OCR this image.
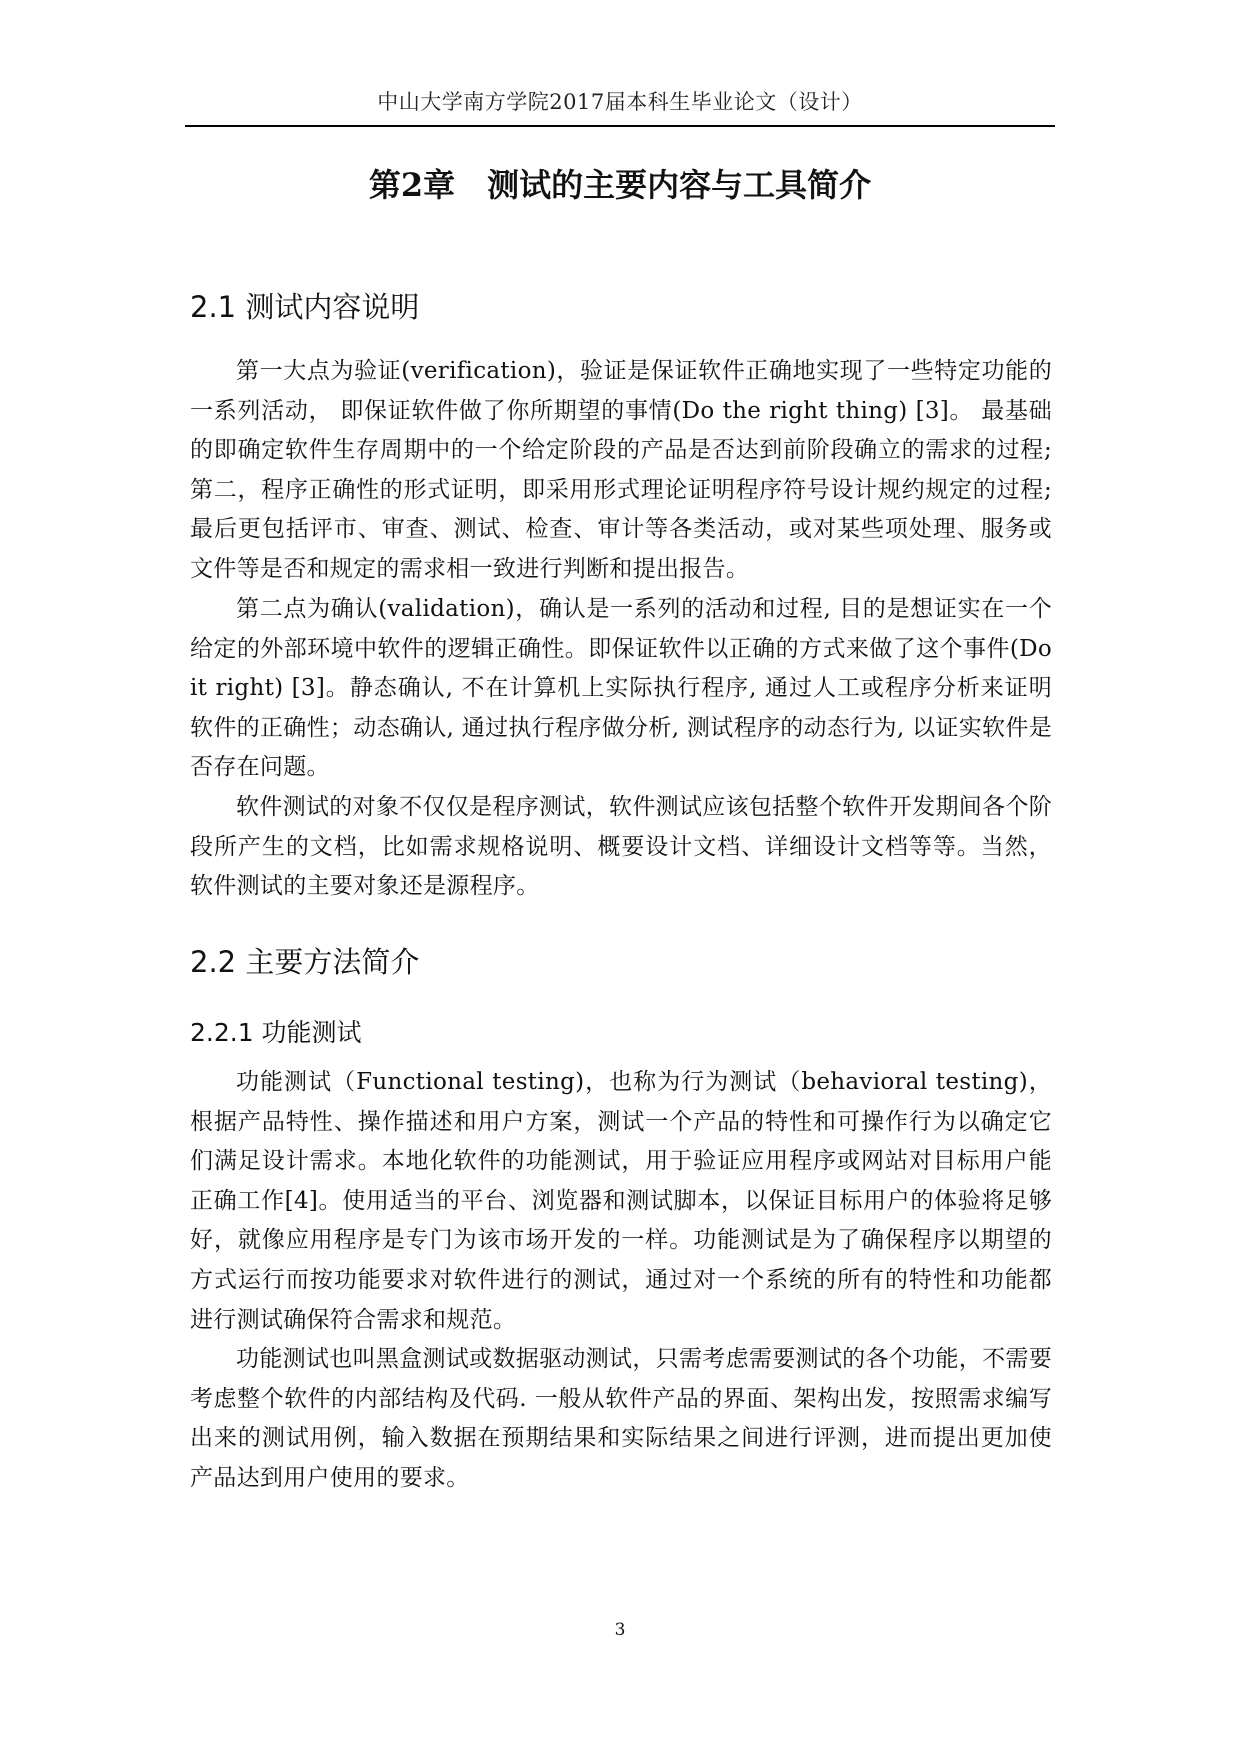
中山大学南方学院2017届本科生毕业论文（设计）
第2章　测试的主要内容与工具简介
2.1 测试内容说明

第一大点为验证(verification)，验证是保证软件正确地实现了一些特定功能的一系列活动， 即保证软件做了你所期望的事情(Do the right thing) [3]。 最基础的即确定软件生存周期中的一个给定阶段的产品是否达到前阶段确立的需求的过程; 第二，程序正确性的形式证明，即采用形式理论证明程序符号设计规约规定的过程; 最后更包括评市、审查、测试、检查、审计等各类活动，或对某些项处理、服务或文件等是否和规定的需求相一致进行判断和提出报告。

第二点为确认(validation)，确认是一系列的活动和过程, 目的是想证实在一个给定的外部环境中软件的逻辑正确性。即保证软件以正确的方式来做了这个事件(Do it right) [3]。静态确认, 不在计算机上实际执行程序, 通过人工或程序分析来证明软件的正确性；动态确认, 通过执行程序做分析, 测试程序的动态行为, 以证实软件是否存在问题。

软件测试的对象不仅仅是程序测试，软件测试应该包括整个软件开发期间各个阶段所产生的文档，比如需求规格说明、概要设计文档、详细设计文档等等。当然，软件测试的主要对象还是源程序。

2.2 主要方法简介
2.2.1 功能测试

功能测试（Functional testing)，也称为行为测试（behavioral testing)，根据产品特性、操作描述和用户方案，测试一个产品的特性和可操作行为以确定它们满足设计需求。本地化软件的功能测试，用于验证应用程序或网站对目标用户能正确工作[4]。使用适当的平台、浏览器和测试脚本，以保证目标用户的体验将足够好，就像应用程序是专门为该市场开发的一样。功能测试是为了确保程序以期望的方式运行而按功能要求对软件进行的测试，通过对一个系统的所有的特性和功能都进行测试确保符合需求和规范。

功能测试也叫黑盒测试或数据驱动测试，只需考虑需要测试的各个功能，不需要考虑整个软件的内部结构及代码. 一般从软件产品的界面、架构出发，按照需求编写出来的测试用例，输入数据在预期结果和实际结果之间进行评测，进而提出更加使产品达到用户使用的要求。

3
